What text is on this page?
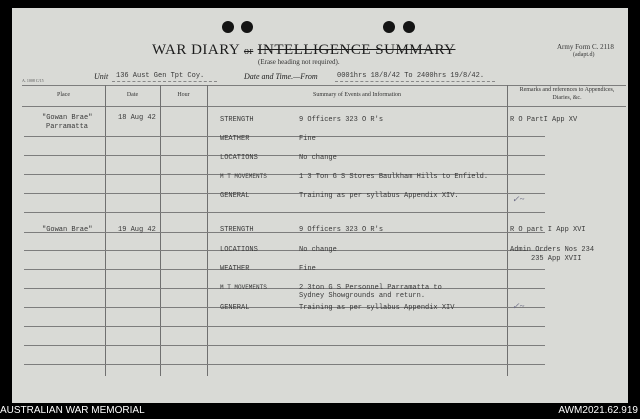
WAR DIARY or INTELLIGENCE SUMMARY
(Erase heading not required).
Army Form C. 2118
(adapt.d)
A. 1008 C/15	Unit 136 Aust Gen Tpt Coy.	Date and Time.—From	0001hrs 18/8/42 To 2400hrs 19/8/42.
Place	Date	Hour	Summary of Events and Information
Remarks and references to Appendices, Diaries, &c.
"Gowan Brae"
Parramatta
18 Aug 42	STRENGTH	9 Officers 323 O R's	R O PartI App XV
WEATHER	Fine
LOCATIONS	No change
M T MOVEMENTS	1 3 Ton G S Stores Baulkham Hills to Enfield.
GENERAL	Training as per syllabus Appendix XIV.	✓~
"Gowan Brae"	19 Aug 42	STRENGTH	9 Officers 323 O R's	R O part I App XVI
LOCATIONS	No change	Admin Orders Nos 234
235 App XVII
WEATHER	Fine
M T MOVEMENTS	2 3ton G S Personnel Parramatta to
Sydney Showgrounds and return.
GENERAL	Training as per syllabus Appendix XIV	✓~
AUSTRALIAN WAR MEMORIAL	AWM2021.62.919
